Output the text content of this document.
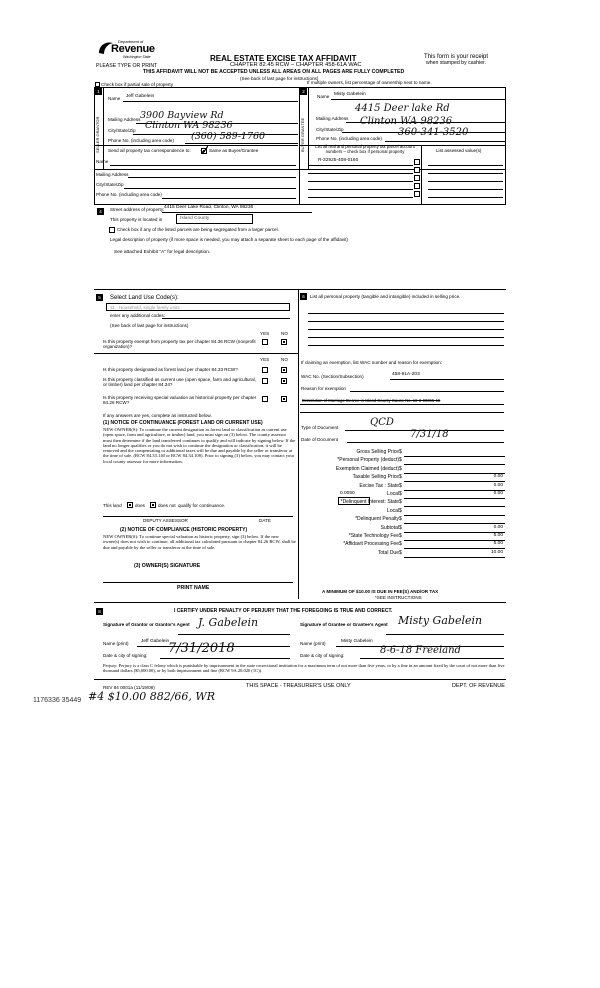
Department of
Revenue
Washington State
PLEASE TYPE OR PRINT
REAL ESTATE EXCISE TAX AFFIDAVIT
CHAPTER 82.45 RCW – CHAPTER 458-61A WAC
This form is your receipt
when stamped by cashier.
THIS AFFIDAVIT WILL NOT BE ACCEPTED UNLESS ALL AREAS ON ALL PAGES ARE FULLY COMPLETED
(See back of last page for instructions)
Check box if partial sale of property	If multiple owners, list percentage of ownership next to name.
1	2
SELLER GRANTOR	BUYER GRANTEE
Name Jeff Gabelein
Mailing Address 3900 Bayview Rd
City/State/Zip Clinton WA 98236
Phone No. (including area code) (360) 589-1760
Name Misty Gabelein
Mailing Address
4415 Deer lake Rd
City/State/Zip
Clinton WA 98236
Phone No. (including area code)
360-341-3520
Send all property tax correspondence to:	Same as Buyer/Grantee
List all real and personal property tax parcel account numbers – check box if personal property
R-32925-408-0160
List assessed value(s)
Name
Mailing Address
City/State/Zip
Phone No. (including area code)
4	Street address of property: 4415 Deer Lake Road, Clinton, WA 98236
This property is located in	Island County
Check box if any of the listed parcels are being segregated from a larger parcel.
Legal description of property (if more space is needed, you may attach a separate sheet to each page of the affidavit)
See attached Exhibit "A" for legal description.
5	Select Land Use Code(s):
11 - Household, single family units
enter any additional codes:
(See back of last page for instructions)
YES	NO
Is this property exempt from property tax per chapter 84.36 RCW (nonprofit organization)?
YES	NO
Is this property designated as forest land per chapter 84.33 RCW?
Is this property classified as current use (open space, farm and agricultural, or timber) land per chapter 84.34?
Is this property receiving special valuation as historical property per chapter 84.26 RCW?
If any answers are yes, complete as instructed below.
(1) NOTICE OF CONTINUANCE (FOREST LAND OR CURRENT USE)
NEW OWNER(S): To continue the current designation as forest land or classification as current use (open space, farm and agriculture, or timber) land, you must sign on (3) below. The county assessor must then determine if the land transferred continues to qualify and will indicate by signing below. If the land no longer qualifies or you do not wish to continue the designation or classification, it will be removed and the compensating or additional taxes will be due and payable by the seller or transferor at the time of sale. (RCW 84.33.140 or RCW 84.34.108). Prior to signing (3) below, you may contact your local county assessor for more information.
This land	does	does not qualify for continuance.
DEPUTY ASSESSOR	DATE
(2) NOTICE OF COMPLIANCE (HISTORIC PROPERTY)
NEW OWNER(S): To continue special valuation as historic property, sign (3) below. If the new owner(s) does not wish to continue, all additional tax calculated pursuant to chapter 84.26 RCW, shall be due and payable by the seller or transferor at the time of sale.
(3) OWNER(S) SIGNATURE
PRINT NAME
6	List all personal property (tangible and intangible) included in selling price.
If claiming an exemption, list WAC number and reason for exemption:
WAC No. (Section/Subsection)	458-61A-203
Reason for exemption
Dissolution of Marriage Decree in Island County Cause No. 18-3-00055-15
Type of Document	QCD
Date of Document	7/31/18
Gross Selling Price $
*Personal Property (deduct) $
Exemption Claimed (deduct) $
Taxable Selling Price $	0.00
Excise Tax : State $	0.00
Local $	0.00
0.0050
*Delinquent Interest: State $
Local $
*Delinquent Penalty $
Subtotal $	0.00
*State Technology Fee $	5.00
*Affidavit Processing Fee $	5.00
Total Due $	10.00
A MINIMUM OF $10.00 IS DUE IN FEE(S) AND/OR TAX
*SEE INSTRUCTIONS
8	I CERTIFY UNDER PENALTY OF PERJURY THAT THE FOREGOING IS TRUE AND CORRECT.
Signature of Grantor or Grantor's Agent J. Gabelein
Name (print)	Jeff Gabelein
Date & city of signing: 7/31/2018
Signature of Grantee or Grantee's Agent Misty Gabelein
Name (print)	Misty Gabelein
Date & city of signing:	8-6-18 Freeland
Perjury: Perjury is a class C felony which is punishable by imprisonment in the state correctional institution for a maximum term of not more than five years, or by a fine in an amount fixed by the court of not more than five thousand dollars ($5,000.00), or by both imprisonment and fine (RCW 9A.20.020 (1C)).
REV 84 0001a (11/19/08)	THIS SPACE - TREASURER'S USE ONLY	DEPT. OF REVENUE
1176336 35449 #4 $10.00 882/66, WR
